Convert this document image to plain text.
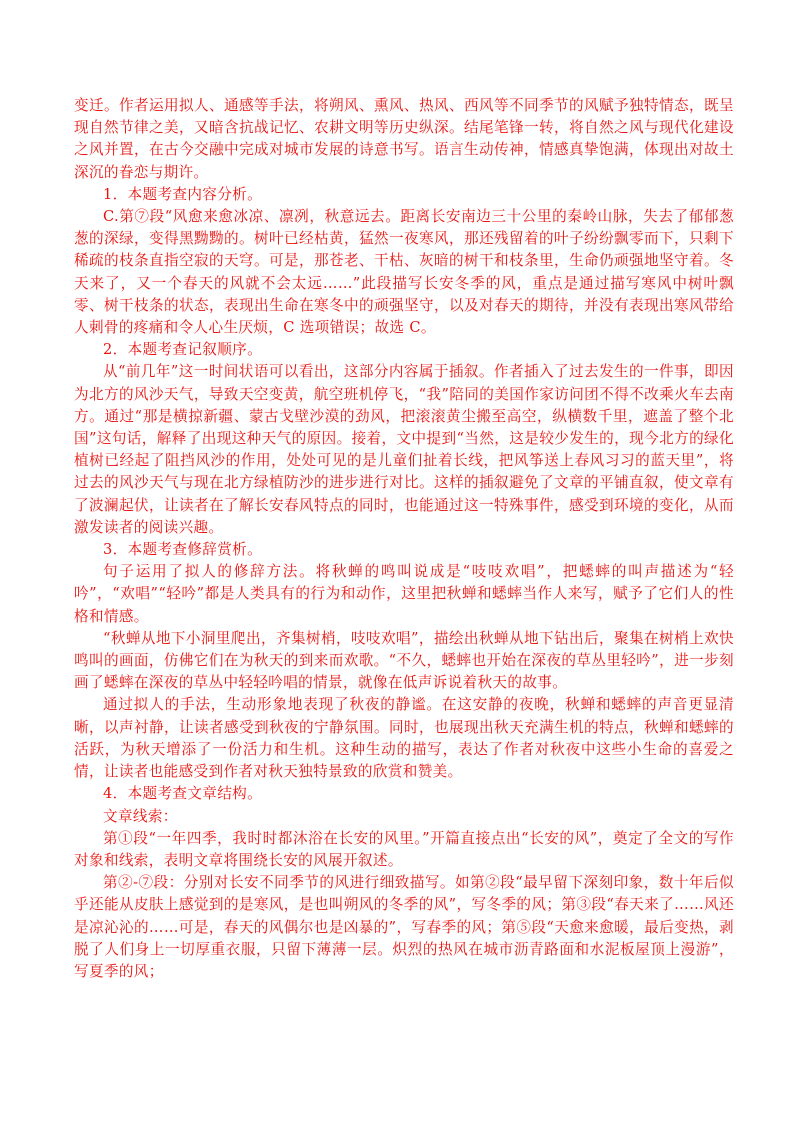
变迁。作者运用拟人、通感等手法，将朔风、熏风、热风、西风等不同季节的风赋予独特情态，既呈现自然节律之美，又暗含抗战记忆、农耕文明等历史纵深。结尾笔锋一转，将自然之风与现代化建设之风并置，在古今交融中完成对城市发展的诗意书写。语言生动传神，情感真挚饱满，体现出对故土深沉的眷恋与期许。

1．本题考查内容分析。

C.第⑦段“风愈来愈冰凉、凛冽，秋意远去。距离长安南边三十公里的秦岭山脉，失去了郁郁葱葱的深绿，变得黑黝黝的。树叶已经枯黄，猛然一夜寒风，那还残留着的叶子纷纷飘零而下，只剩下稀疏的枝条直指空寂的天穹。可是，那苍老、干枯、灰暗的树干和枝条里，生命仍顽强地坚守着。冬天来了，又一个春天的风就不会太远……”此段描写长安冬季的风，重点是通过描写寒风中树叶飘零、树干枝条的状态，表现出生命在寒冬中的顽强坚守，以及对春天的期待，并没有表现出寒风带给人刺骨的疼痛和令人心生厌烦，C 选项错误；故选 C。

2．本题考查记叙顺序。

从“前几年”这一时间状语可以看出，这部分内容属于插叙。作者插入了过去发生的一件事，即因为北方的风沙天气，导致天空变黄，航空班机停飞，“我”陪同的美国作家访问团不得不改乘火车去南方。通过“那是横掠新疆、蒙古戈壁沙漠的劲风，把滚滚黄尘搬至高空，纵横数千里，遮盖了整个北国”这句话，解释了出现这种天气的原因。接着，文中提到“当然，这是较少发生的，现今北方的绿化植树已经起了阻挡风沙的作用，处处可见的是儿童们扯着长线，把风筝送上春风习习的蓝天里”，将过去的风沙天气与现在北方绿植防沙的进步进行对比。这样的插叙避免了文章的平铺直叙，使文章有了波澜起伏，让读者在了解长安春风特点的同时，也能通过这一特殊事件，感受到环境的变化，从而激发读者的阅读兴趣。

3．本题考查修辞赏析。

句子运用了拟人的修辞方法。将秋蝉的鸣叫说成是“吱吱欢唱”，把蟋蟀的叫声描述为“轻吟”，“欢唱”“轻吟”都是人类具有的行为和动作，这里把秋蝉和蟋蟀当作人来写，赋予了它们人的性格和情感。

“秋蝉从地下小洞里爬出，齐集树梢，吱吱欢唱”，描绘出秋蝉从地下钻出后，聚集在树梢上欢快鸣叫的画面，仿佛它们在为秋天的到来而欢歌。“不久，蟋蟀也开始在深夜的草丛里轻吟”，进一步刻画了蟋蟀在深夜的草丛中轻轻吟唱的情景，就像在低声诉说着秋天的故事。

通过拟人的手法，生动形象地表现了秋夜的静谧。在这安静的夜晚，秋蝉和蟋蟀的声音更显清晰，以声衬静，让读者感受到秋夜的宁静氛围。同时，也展现出秋天充满生机的特点，秋蝉和蟋蟀的活跃，为秋天增添了一份活力和生机。这种生动的描写，表达了作者对秋夜中这些小生命的喜爱之情，让读者也能感受到作者对秋天独特景致的欣赏和赞美。

4．本题考查文章结构。

文章线索：

第①段“一年四季，我时时都沐浴在长安的风里。”开篇直接点出“长安的风”，奠定了全文的写作对象和线索，表明文章将围绕长安的风展开叙述。

第②-⑦段：分别对长安不同季节的风进行细致描写。如第②段“最早留下深刻印象，数十年后似乎还能从皮肤上感觉到的是寒风，是也叫朔风的冬季的风”，写冬季的风；第③段“春天来了……风还是凉沁沁的……可是，春天的风偶尔也是凶暴的”，写春季的风；第⑤段“天愈来愈暖，最后变热，剥脱了人们身上一切厚重衣服，只留下薄薄一层。炽烈的热风在城市沥青路面和水泥板屋顶上漫游”，写夏季的风；
